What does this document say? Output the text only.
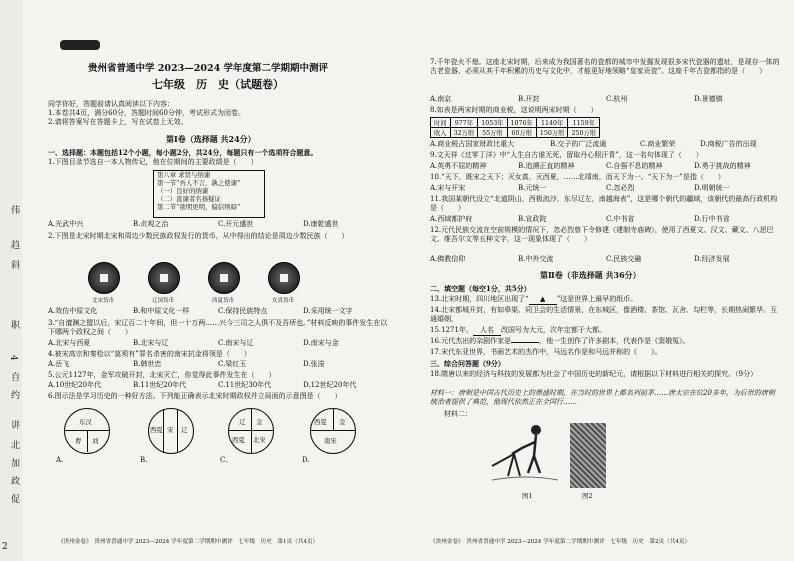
伟
趋
斜
职
4
自
约
讲
北
加
政
促
2
贵州省普通中学 2023—2024 学年度第二学期期中测评
七年级　历　史（试题卷）
同学你好，答题前请认真阅读以下内容：
1.本卷共4页，满分60分，答题时间60分钟，考试形式为闭卷。
2.请将答案写在答题卡上，写在试卷上无效。
第Ⅰ卷（选择题 共24分）
一、选择题：本题包括12个小题，每小题2分，共24分，每题只有一个选项符合题意。
1.下图目录节选自一本人物传记，他在位期间的主要政绩是（　　）
第八章 求贤与纳谏
第一节“吾人不言，孰之使谏”
（一）良好的纳谏
（二）直谏者名扬疑证
第二节“欲明更明，偏信则暗”
A.光武中兴	B.贞观之治	C.开元盛世	D.康乾盛世
2.下图是北宋时期北宋和周边少数民族政权发行的货币，从中得出的结论是周边少数民族（　　）
北宋货币	辽国货币	西夏货币	女真货币
A.效仿中原文化	B.和中原文化一样	C.保持民族特点	D.采用统一文字
3.“自澶渊之盟以后，宋辽百二十年间，但一十万两……兴今三司之人俱不及吾所也。”材料反映的事件发生在以下哪两个政权之间（　　）
A.北宋与西夏	B.北宋与辽	C.南宋与辽	D.南宋与金
4.被宋高宗和秦桧以“莫须有”罪名杀害的南宋抗金将领是（　　）
A.岳飞	B.韩世忠	C.梁红玉	D.张浚
5.公元1127年，金军攻破开封，北宋灭亡，你觉得此事件发生在（　　）
A.10世纪20年代	B.11世纪20年代	C.11世纪30年代	D.12世纪20年代
6.图示法是学习历史的一种好方法。下列能正确表示北宋时期政权并立局面的示意图是（　　）
东汉
曹 刘
A.
西夏 宋 辽
B.
辽 金
西夏 北宋
C.
西夏 金
南宋
D.
《贵州金卷》　贵州省普通中学 2023—2024 学年度第二学期期中测评　七年级　历史　第1页（共4页）
7.千年瓷火不熄。这座北宋时期，后来成为我国著名的瓷都的城市中发掘发现很多宋代瓷器的遗址，是现存一体的古老瓷器，必须从其千年积累的历史与文化中，才能更好地领略“皇家贡瓷”。这座千年古瓷都指的是（　　）
A.南京	B.开封	C.杭州	D.景德镇
8.如表是两宋时期的商业税，这说明两宋时期（　　）
时间	977年	1053年	1076年	1140年	1159年
收入	32万缗	55万缗	60万缗	150万缗	250万缗
A.商业税占国家财政比重大	B.交子的广泛流通	C.商业繁荣	D.商税广告的出现
9.文天祥《过零丁洋》中“人生自古谁无死，留取丹心照汗青”，这一名句体现了（　　）
A.英勇不屈的精神	B.追溯正直的精神	C.自强不息的精神	D.勇于挑战的精神
10.“天下，既宋之天下；灭女真，灭西夏，……北靖南，而天下为一。“天下为一”是指（　　）
A.宋与开宋	B.元统一	C.忽必烈	D.明朝统一
11.我国某朝代设立“北道阴山，西极流沙，东尽辽左，南越海表”，这是哪个朝代的疆域，该朝代的最高行政机构是（　　）
A.西域都护府	B.宣政院	C.中书省	D.行中书省
12.元代民族交流在空前规模的情况下，忽必烈曾下令修建《建制寺庙碑》，使用了西夏文、汉文、藏文、八思巴文、维吾尔文等五种文字，这一现象体现了（　　）
A.佛教信仰	B.中外交流	C.民族交融	D.经济发展
第Ⅱ卷（非选择题 共36分）
二、填空题（每空1分，共5分）
13.北宋时期，四川地区出现了“ ▲ ”这是世界上最早的纸币。
14.北宋都城开封，有如皋渠、同卫会的生活情景，在东城区，像酒楼、茶馆、瓦舍、勾栏等，长期热闹繁华。互通婚姻，
15.1271年， 人名 改国号为大元，次年定都于大都。
16.元代杰出的杂剧作家是	，他一生创作了许多剧本，代表作是《窦娥冤》。
17.宋代东亚世界，书画艺术的杰作中，马远名作是和马远并称的《　　》。
三、综合问答题（9分）
18.隋唐以来的经济与科技的发展都为社会了中国历史的新纪元，请根据以下材料进行相关的探究。（9分）
材料一：唐朝是中国古代历史上的鼎盛时期，在当时的世界上都名列前茅……唐太宗在位20多年，为后世的唐朝统治者提供了典范，他现代依然正在全国行……
材料二：
图1	图2
《贵州金卷》　贵州省普通中学 2023—2024 学年度第二学期期中测评　七年级　历史　第2页（共4页）
